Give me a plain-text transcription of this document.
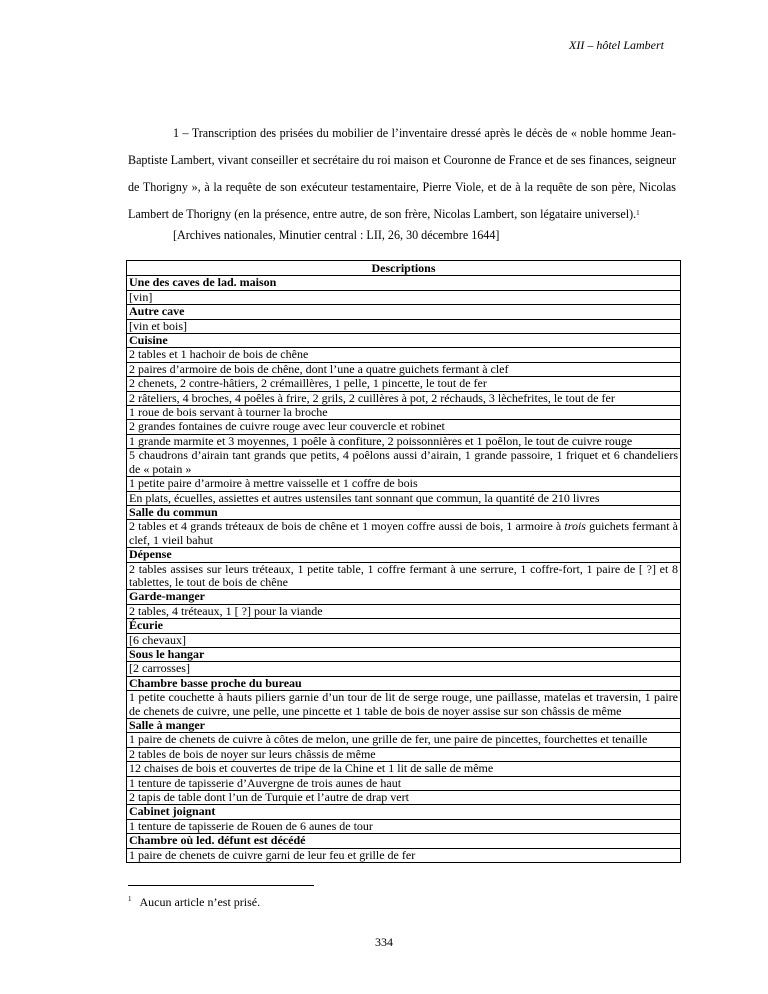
XII – hôtel Lambert
1 – Transcription des prisées du mobilier de l’inventaire dressé après le décès de « noble homme Jean-Baptiste Lambert, vivant conseiller et secrétaire du roi maison et Couronne de France et de ses finances, seigneur de Thorigny », à la requête de son exécuteur testamentaire, Pierre Viole, et de à la requête de son père, Nicolas Lambert de Thorigny (en la présence, entre autre, de son frère, Nicolas Lambert, son légataire universel).$^1$
[Archives nationales, Minutier central : LII, 26, 30 décembre 1644]
Descriptions
Une des caves de lad. maison
[vin]
Autre cave
[vin et bois]
Cuisine
2 tables et 1 hachoir de bois de chêne
2 paires d’armoire de bois de chêne, dont l’une a quatre guichets fermant à clef
2 chenets, 2 contre-hâtiers, 2 crémaillères, 1 pelle, 1 pincette, le tout de fer
2 râteliers, 4 broches, 4 poêles à frire, 2 grils, 2 cuillères à pot, 2 réchauds, 3 lèchefrites, le tout de fer
1 roue de bois servant à tourner la broche
2 grandes fontaines de cuivre rouge avec leur couvercle et robinet
1 grande marmite et 3 moyennes, 1 poêle à confiture, 2 poissonnières et 1 poêlon, le tout de cuivre rouge
5 chaudrons d’airain tant grands que petits, 4 poêlons aussi d’airain, 1 grande passoire, 1 friquet et 6 chandeliers de « potain »
1 petite paire d’armoire à mettre vaisselle et 1 coffre de bois
En plats, écuelles, assiettes et autres ustensiles tant sonnant que commun, la quantité de 210 livres
Salle du commun
2 tables et 4 grands tréteaux de bois de chêne et 1 moyen coffre aussi de bois, 1 armoire à trois guichets fermant à clef, 1 vieil bahut
Dépense
2 tables assises sur leurs tréteaux, 1 petite table, 1 coffre fermant à une serrure, 1 coffre-fort, 1 paire de [ ?] et 8 tablettes, le tout de bois de chêne
Garde-manger
2 tables, 4 tréteaux, 1 [ ?] pour la viande
Écurie
[6 chevaux]
Sous le hangar
[2 carrosses]
Chambre basse proche du bureau
1 petite couchette à hauts piliers garnie d’un tour de lit de serge rouge, une paillasse, matelas et traversin, 1 paire de chenets de cuivre, une pelle, une pincette et 1 table de bois de noyer assise sur son châssis de même
Salle à manger
1 paire de chenets de cuivre à côtes de melon, une grille de fer, une paire de pincettes, fourchettes et tenaille
2 tables de bois de noyer sur leurs châssis de même
12 chaises de bois et couvertes de tripe de la Chine et 1 lit de salle de même
1 tenture de tapisserie d’Auvergne de trois aunes de haut
2 tapis de table dont l’un de Turquie et l’autre de drap vert
Cabinet joignant
1 tenture de tapisserie de Rouen de 6 aunes de tour
Chambre où led. défunt est décédé
1 paire de chenets de cuivre garni de leur feu et grille de fer
$^1$ Aucun article n’est prisé.
334
